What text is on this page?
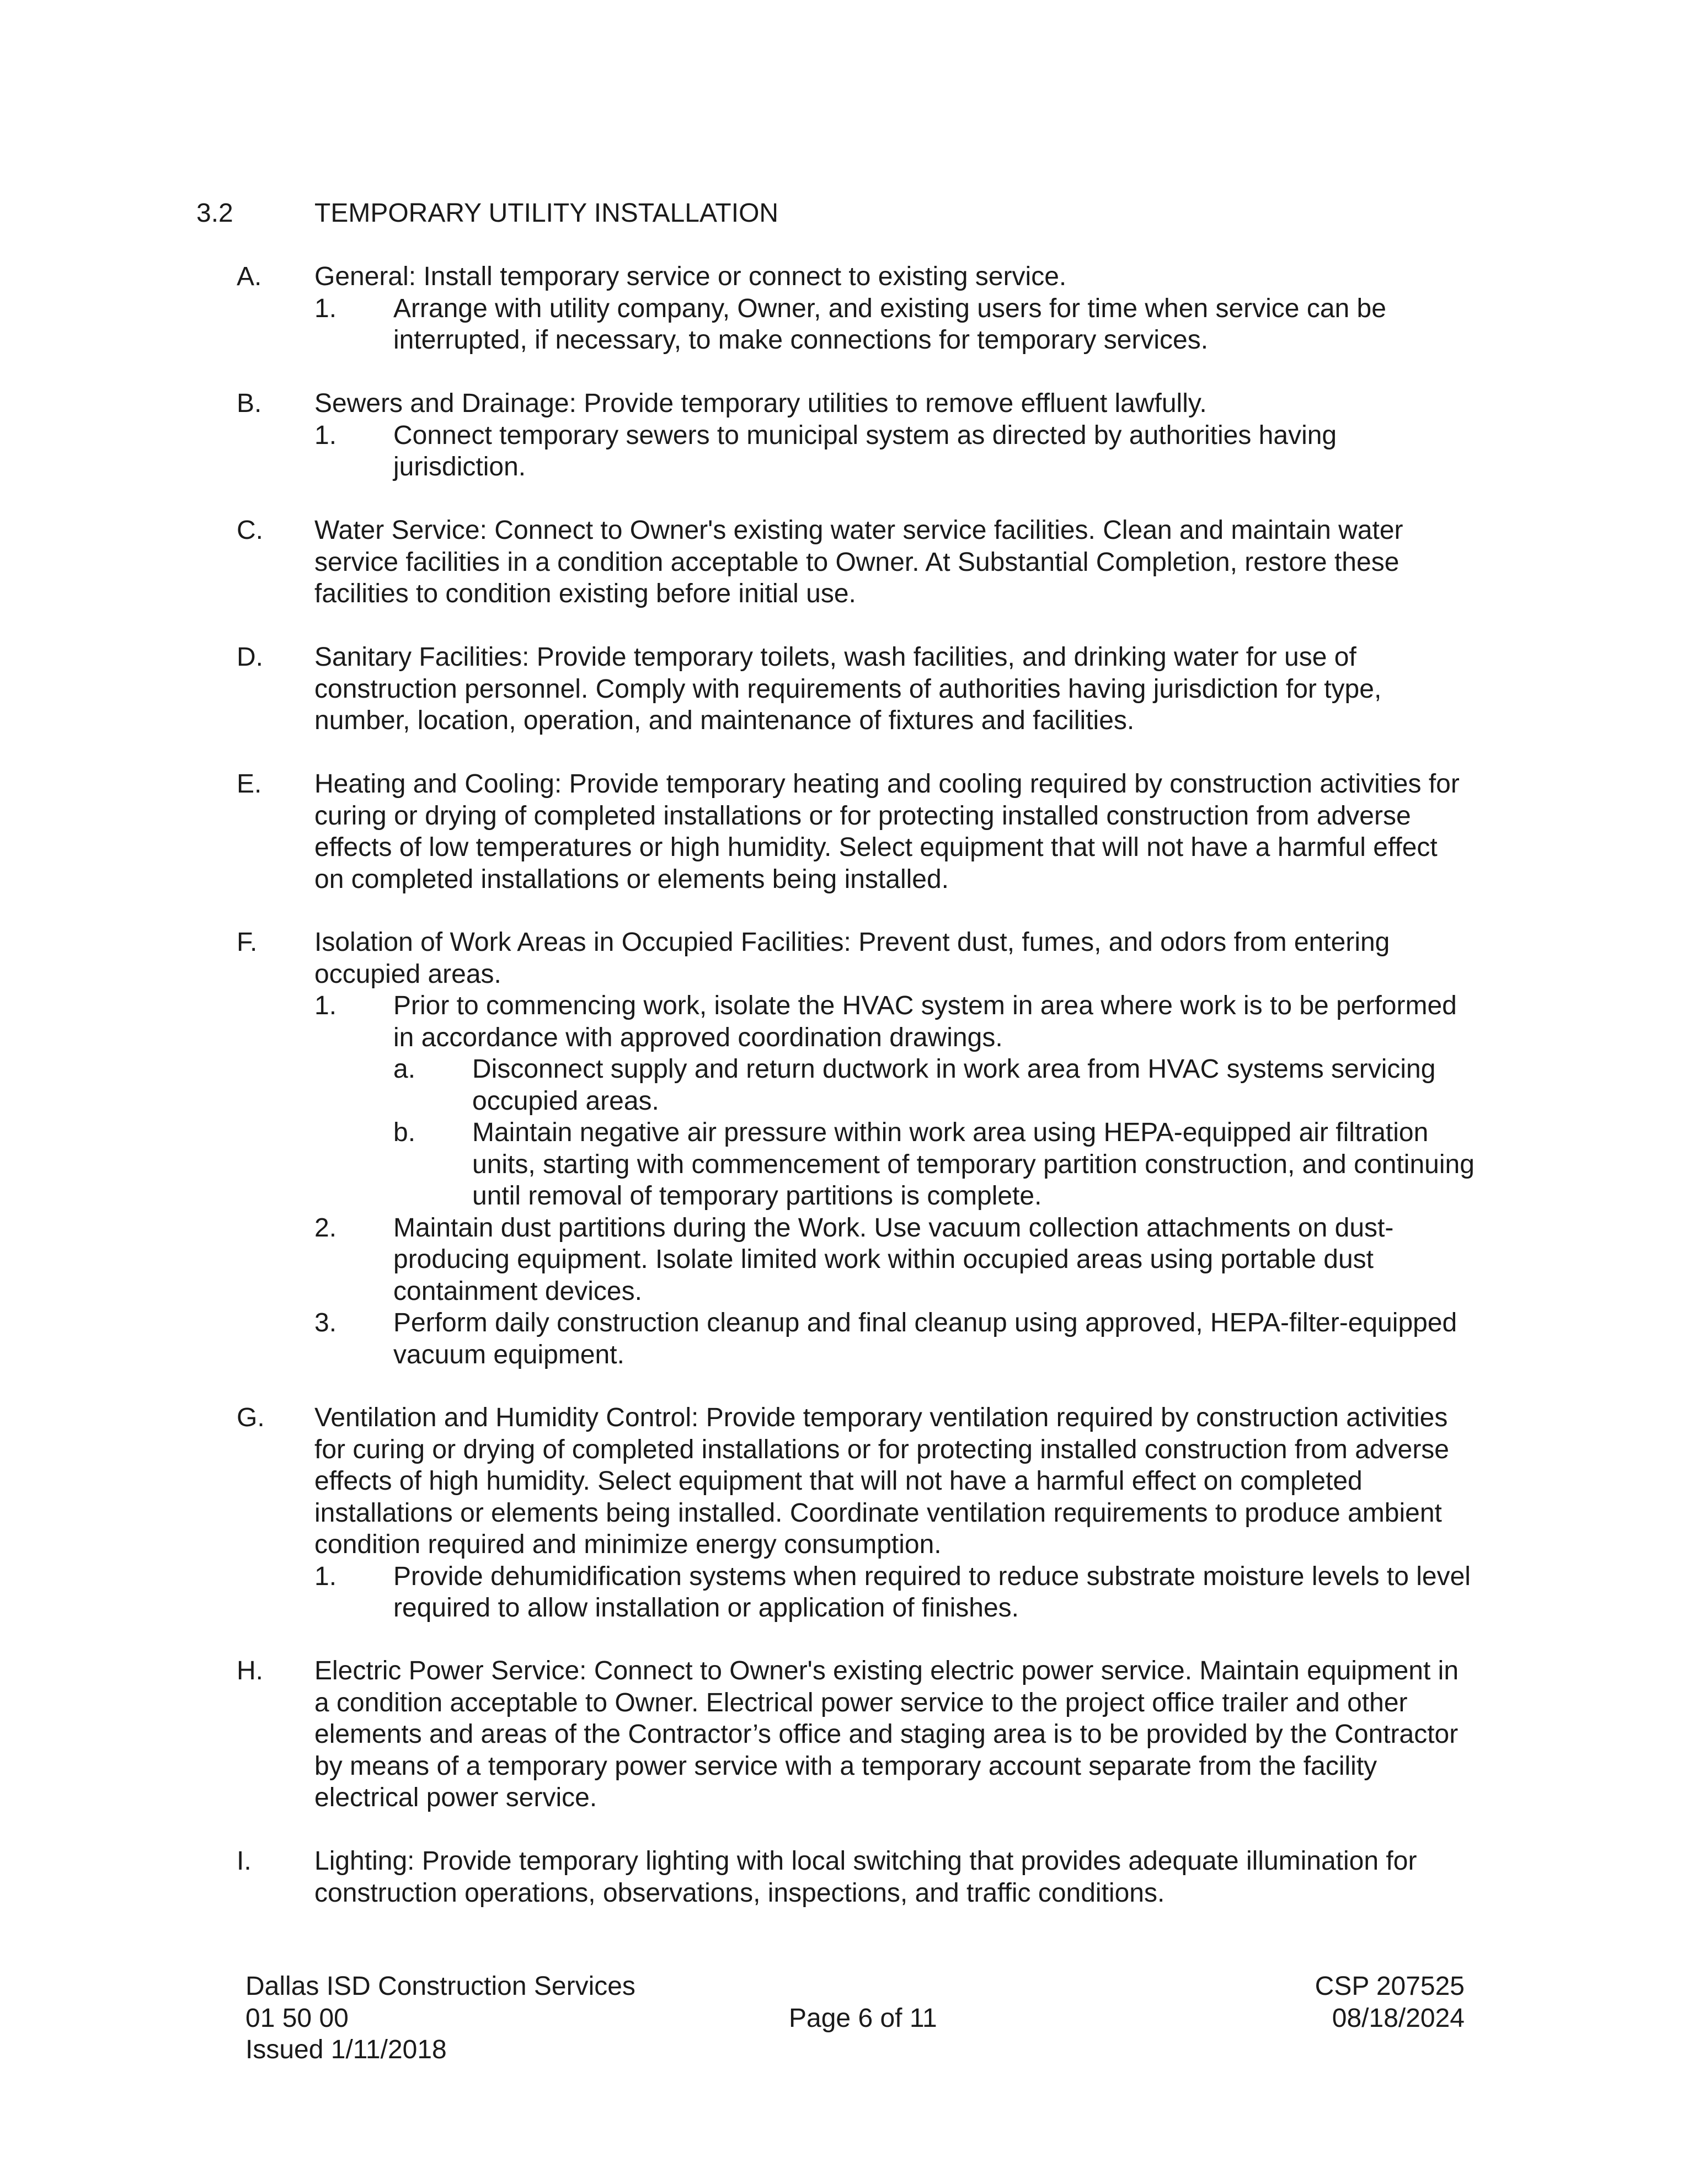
3.2	TEMPORARY UTILITY INSTALLATION
A. General: Install temporary service or connect to existing service.
1. Arrange with utility company, Owner, and existing users for time when service can be interrupted, if necessary, to make connections for temporary services.
B. Sewers and Drainage: Provide temporary utilities to remove effluent lawfully.
1. Connect temporary sewers to municipal system as directed by authorities having jurisdiction.
C. Water Service: Connect to Owner's existing water service facilities. Clean and maintain water service facilities in a condition acceptable to Owner. At Substantial Completion, restore these facilities to condition existing before initial use.
D. Sanitary Facilities: Provide temporary toilets, wash facilities, and drinking water for use of construction personnel. Comply with requirements of authorities having jurisdiction for type, number, location, operation, and maintenance of fixtures and facilities.
E. Heating and Cooling: Provide temporary heating and cooling required by construction activities for curing or drying of completed installations or for protecting installed construction from adverse effects of low temperatures or high humidity. Select equipment that will not have a harmful effect on completed installations or elements being installed.
F. Isolation of Work Areas in Occupied Facilities: Prevent dust, fumes, and odors from entering occupied areas.
1. Prior to commencing work, isolate the HVAC system in area where work is to be performed in accordance with approved coordination drawings.
a. Disconnect supply and return ductwork in work area from HVAC systems servicing occupied areas.
b. Maintain negative air pressure within work area using HEPA-equipped air filtration units, starting with commencement of temporary partition construction, and continuing until removal of temporary partitions is complete.
2. Maintain dust partitions during the Work. Use vacuum collection attachments on dust-producing equipment. Isolate limited work within occupied areas using portable dust containment devices.
3. Perform daily construction cleanup and final cleanup using approved, HEPA-filter-equipped vacuum equipment.
G. Ventilation and Humidity Control: Provide temporary ventilation required by construction activities for curing or drying of completed installations or for protecting installed construction from adverse effects of high humidity. Select equipment that will not have a harmful effect on completed installations or elements being installed. Coordinate ventilation requirements to produce ambient condition required and minimize energy consumption.
1. Provide dehumidification systems when required to reduce substrate moisture levels to level required to allow installation or application of finishes.
H. Electric Power Service: Connect to Owner's existing electric power service. Maintain equipment in a condition acceptable to Owner. Electrical power service to the project office trailer and other elements and areas of the Contractor’s office and staging area is to be provided by the Contractor by means of a temporary power service with a temporary account separate from the facility electrical power service.
I. Lighting: Provide temporary lighting with local switching that provides adequate illumination for construction operations, observations, inspections, and traffic conditions.
Dallas ISD Construction Services
01 50 00
Issued 1/11/2018
Page 6 of 11
CSP 207525
08/18/2024
